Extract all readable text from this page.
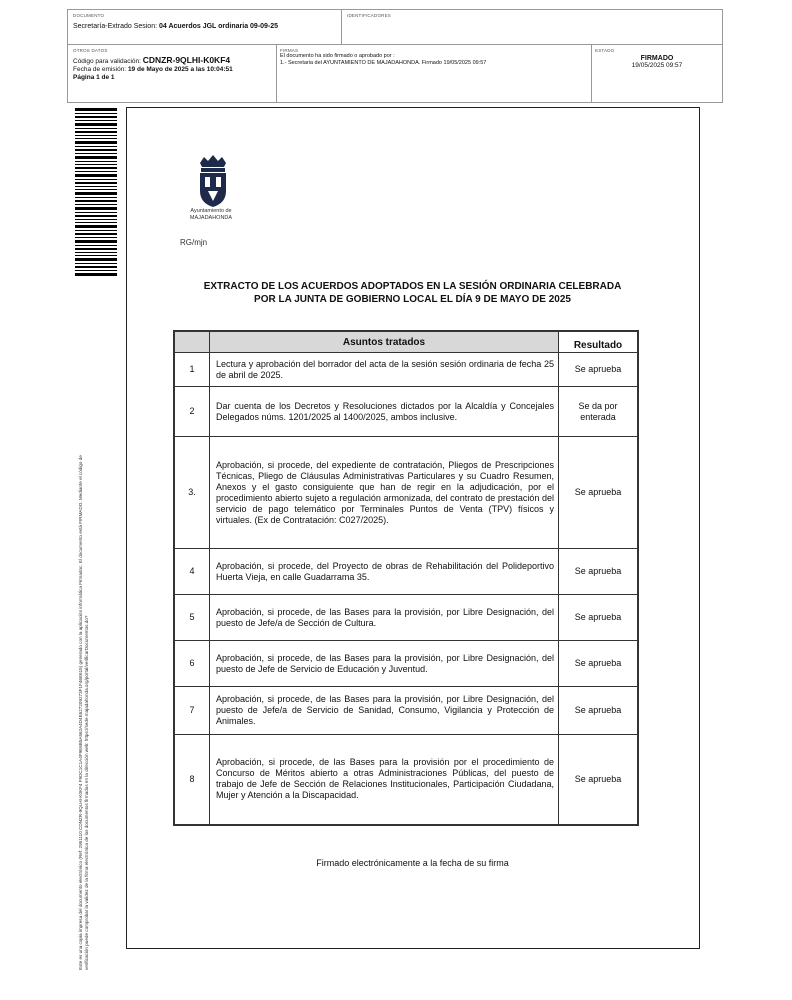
DOCUMENTO
Secretaría-Extrado Sesion: 04 Acuerdos JGL ordinaria 09-09-25
IDENTIFICADORES
OTROS DATOS
Código para validación: CDNZR-9QLHI-K0KF4
Fecha de emisión: 19 de Mayo de 2025 a las 10:04:51
Página 1 de 1
FIRMAS
El documento ha sido firmado o aprobado por :
1.- Secretaria del AYUNTAMIENTO DE MAJADAHONDA. Firmado 19/05/2025 09:57
ESTADO
FIRMADO
19/05/2025 09:57
Este es una copia impresa del documento electrónico (Ref: 2951110 CDNZR-9QLHI-K0KF4 F9DC1C1A4F9E6B5A562A4D4E627209273F1F46E615) generado con la aplicación informática Firmadoc. El documento está FIRMADO. Mediante el código de verificación puede comprobar la validez de la firma electrónica de los documentos firmados en la dirección web: https://sede.majadahonda.org/portal/verificarDocumentos.do?
Ayuntamiento de
MAJADAHONDA
RG/mjn
EXTRACTO DE LOS ACUERDOS ADOPTADOS EN LA SESIÓN ORDINARIA CELEBRADA
POR LA JUNTA DE GOBIERNO LOCAL EL DÍA 9 DE MAYO DE 2025
	Asuntos tratados	Resultado
1	Lectura y aprobación del borrador del acta de la sesión sesión ordinaria de fecha 25 de abril de 2025.	Se aprueba
2	Dar cuenta de los Decretos y Resoluciones dictados por la Alcaldía y Concejales Delegados núms. 1201/2025 al 1400/2025, ambos inclusive.	Se da por enterada
3.	Aprobación, si procede, del expediente de contratación, Pliegos de Prescripciones Técnicas, Pliego de Cláusulas Administrativas Particulares y su Cuadro Resumen, Anexos y el gasto consiguiente que han de regir en la adjudicación, por el procedimiento abierto sujeto a regulación armonizada, del contrato de prestación del servicio de pago telemático por Terminales Puntos de Venta (TPV) físicos y virtuales. (Ex de Contratación: C027/2025).	Se aprueba
4	Aprobación, si procede, del Proyecto de obras de Rehabilitación del Polideportivo Huerta Vieja, en calle Guadarrama 35.	Se aprueba
5	Aprobación, si procede, de las Bases para la provisión, por Libre Designación, del puesto de Jefe/a de Sección de Cultura.	Se aprueba
6	Aprobación, si procede, de las Bases para la provisión, por Libre Designación, del puesto de Jefe de Servicio de Educación y Juventud.	Se aprueba
7	Aprobación, si procede, de las Bases para la provisión, por Libre Designación, del puesto de Jefe/a de Servicio de Sanidad, Consumo, Vigilancia y Protección de Animales.	Se aprueba
8	Aprobación, si procede, de las Bases para la provisión por el procedimiento de Concurso de Méritos abierto a otras Administraciones Públicas, del puesto de trabajo de Jefe de Sección de Relaciones Institucionales, Participación Ciudadana, Mujer y Atención a la Discapacidad.	Se aprueba
Firmado electrónicamente a la fecha de su firma
